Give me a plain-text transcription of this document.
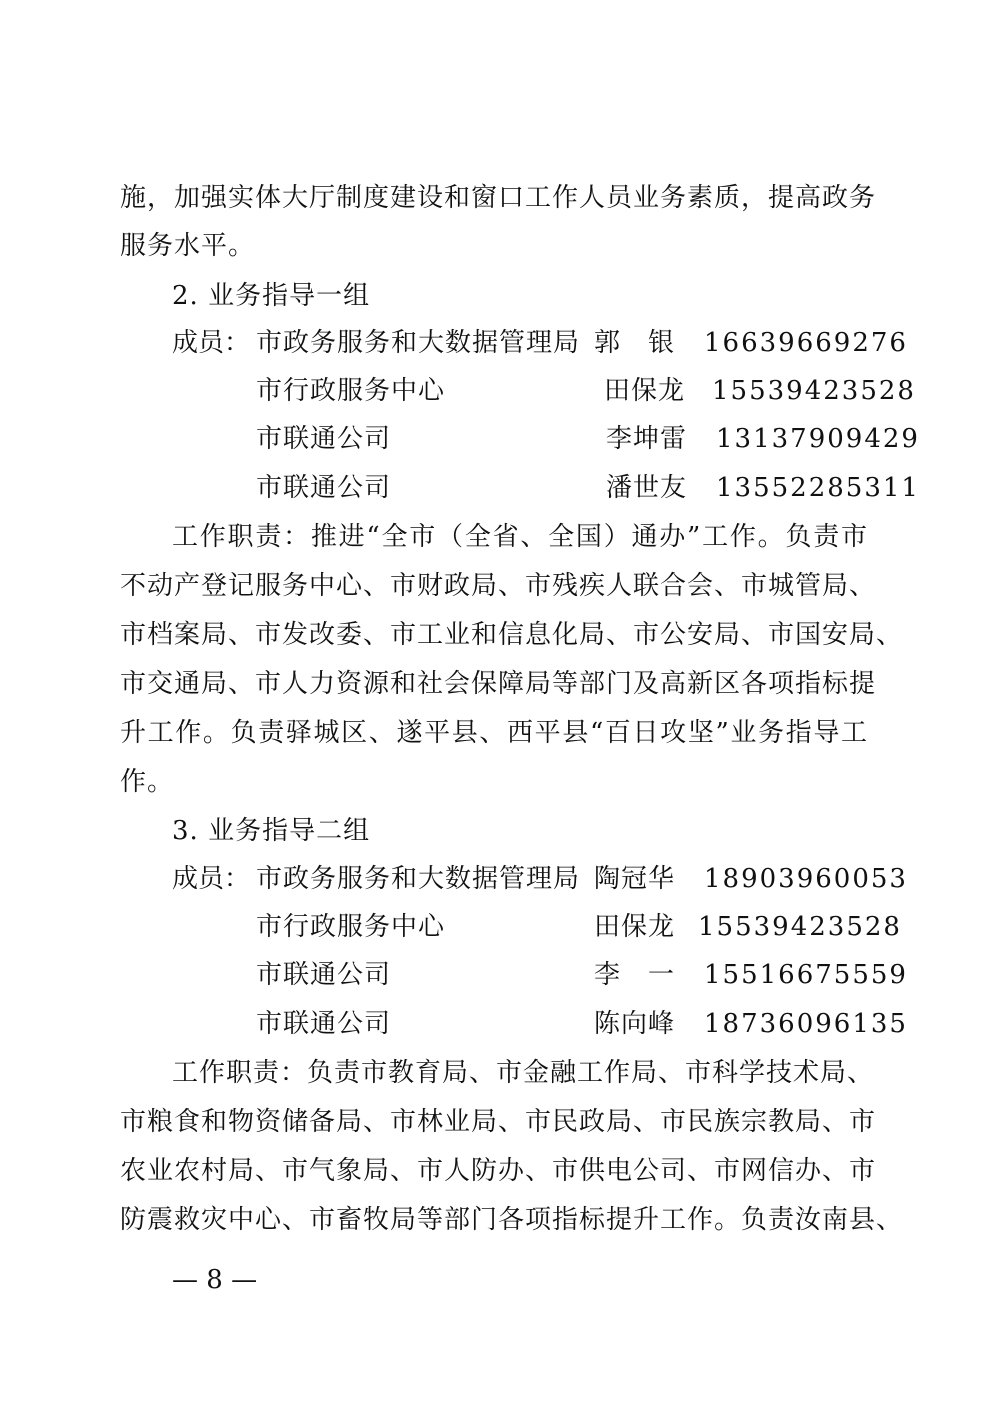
施，加强实体大厅制度建设和窗口工作人员业务素质，提高政务
服务水平。
2. 业务指导一组
成员： 市政务服务和大数据管理局 郭　银 16639669276
市行政服务中心	田保龙 15539423528
市联通公司	李坤雷 13137909429
市联通公司	潘世友 13552285311
工作职责：推进“全市（全省、全国）通办”工作。负责市
不动产登记服务中心、市财政局、市残疾人联合会、市城管局、
市档案局、市发改委、市工业和信息化局、市公安局、市国安局、
市交通局、市人力资源和社会保障局等部门及高新区各项指标提
升工作。负责驿城区、遂平县、西平县“百日攻坚”业务指导工
作。
3. 业务指导二组
成员： 市政务服务和大数据管理局 陶冠华 18903960053
市行政服务中心	田保龙 15539423528
市联通公司	李　一 15516675559
市联通公司	陈向峰 18736096135
工作职责：负责市教育局、市金融工作局、市科学技术局、
市粮食和物资储备局、市林业局、市民政局、市民族宗教局、市
农业农村局、市气象局、市人防办、市供电公司、市网信办、市
防震救灾中心、市畜牧局等部门各项指标提升工作。负责汝南县、
— 8 —
